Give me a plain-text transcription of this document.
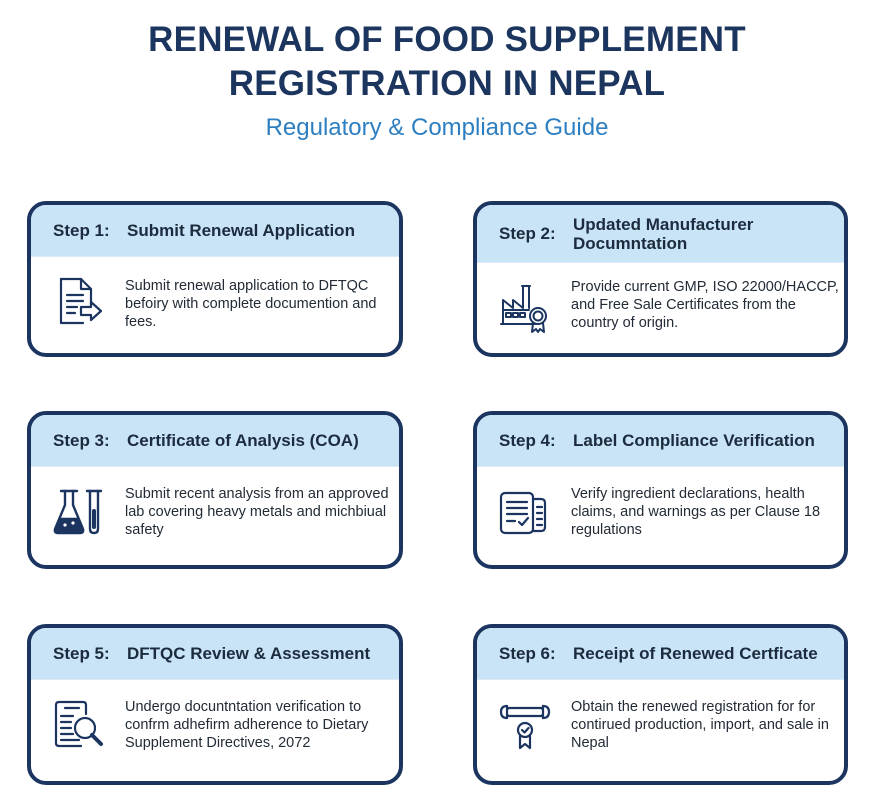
RENEWAL OF FOOD SUPPLEMENT
REGISTRATION IN NEPAL
Regulatory & Compliance Guide
Step 1:	Submit Renewal Application
Submit renewal application to DFTQC befoiry with complete documention and fees.
Step 2:	Updated Manufacturer Documntation
Provide current GMP, ISO 22000/HACCP, and Free Sale Certificates from the country of origin.
Step 3:	Certificate of Analysis (COA)
Submit recent analysis from an approved lab covering heavy metals and michbiual safety
Step 4:	Label Compliance Verification
Verify ingredient declarations, health claims, and warnings as per Clause 18 regulations
Step 5:	DFTQC Review & Assessment
Undergo docuntntation verification to confrm adhefirm adherence to Dietary Supplement Directives, 2072
Step 6:	Receipt of Renewed Certficate
Obtain the renewed registration for for contirued production, import, and sale in Nepal
